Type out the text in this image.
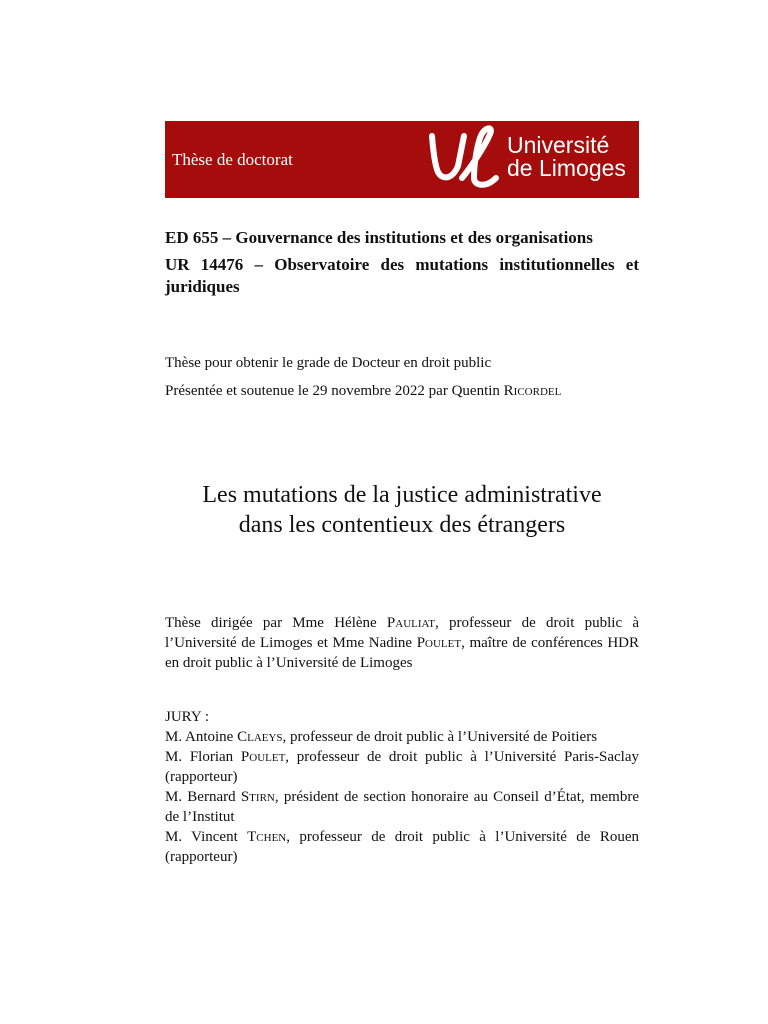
Thèse de doctorat
ul
Université
de Limoges

ED 655 – Gouvernance des institutions et des organisations

UR 14476 – Observatoire des mutations institutionnelles et juridiques

Thèse pour obtenir le grade de Docteur en droit public

Présentée et soutenue le 29 novembre 2022 par Quentin Ricordel

Les mutations de la justice administrative
dans les contentieux des étrangers
Thèse dirigée par Mme Hélène Pauliat, professeur de droit public à l’Université de Limoges et Mme Nadine Poulet, maître de conférences HDR en droit public à l’Université de Limoges
JURY :
M. Antoine Claeys, professeur de droit public à l’Université de Poitiers
M. Florian Poulet, professeur de droit public à l’Université Paris-Saclay (rapporteur)
M. Bernard Stirn, président de section honoraire au Conseil d’État, membre de l’Institut
M. Vincent Tchen, professeur de droit public à l’Université de Rouen (rapporteur)
